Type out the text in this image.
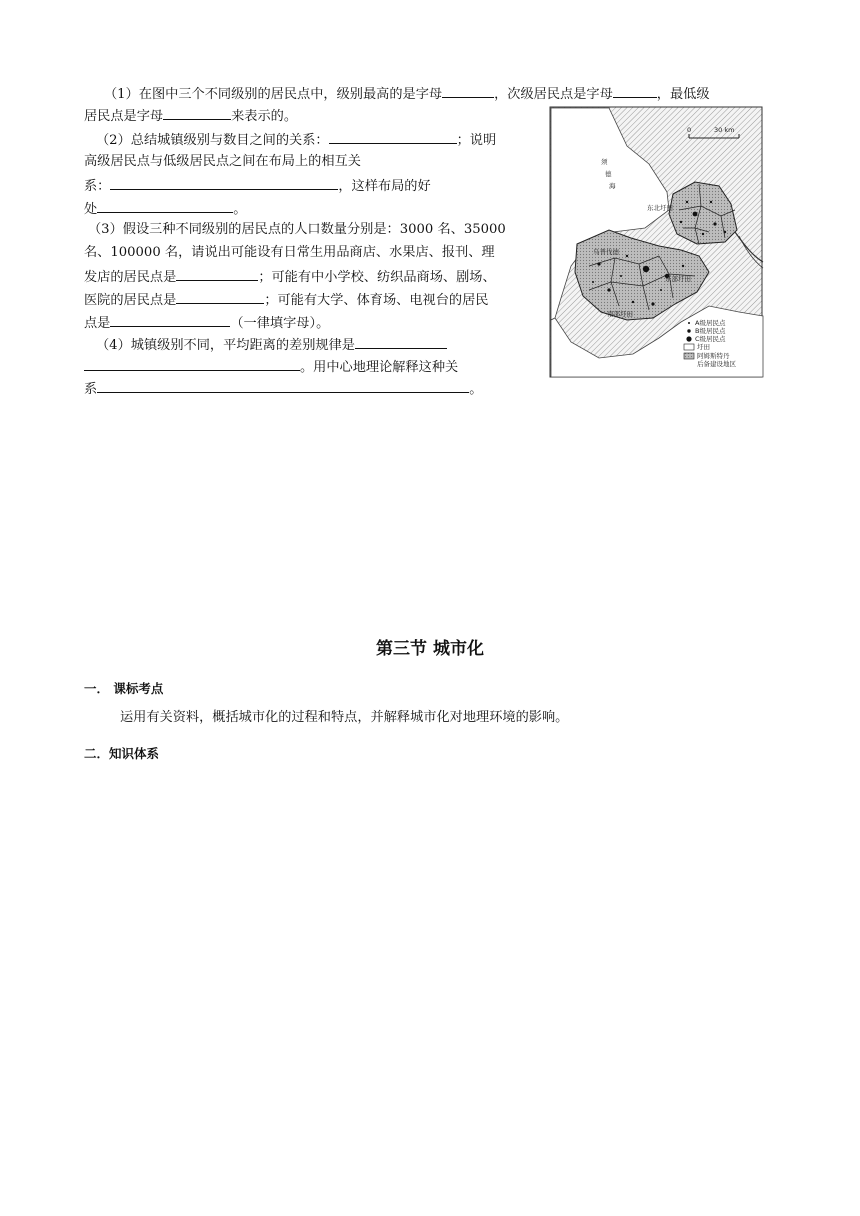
（1）在图中三个不同级别的居民点中，级别最高的是字母	，次级居民点是字母	，最低级
居民点是字母	来表示的。
（2）总结城镇级别与数目之间的关系：	；说明
高级居民点与低级居民点之间在布局上的相互关
系：	，这样布局的好
处	。
（3）假设三种不同级别的居民点的人口数量分别是：3000 名、35000
名、100000 名，请说出可能设有日常生用品商店、水果店、报刊、理
发店的居民点是	；可能有中小学校、纺织品商场、剧场、
医院的居民点是	；可能有大学、体育场、电视台的居民
点是	（一律填字母）。
（4）城镇级别不同，平均距离的差别规律是
。用中心地理论解释这种关
系	。
0	30 km
须
德
海
东北圩田
乌普伐德
东部圩田
南部圩田
A级居民点
B级居民点
C级居民点
圩田
阿姆斯特丹
后备建设地区
第三节 城市化
一． 课标考点
运用有关资料，概括城市化的过程和特点，并解释城市化对地理环境的影响。
二．知识体系
